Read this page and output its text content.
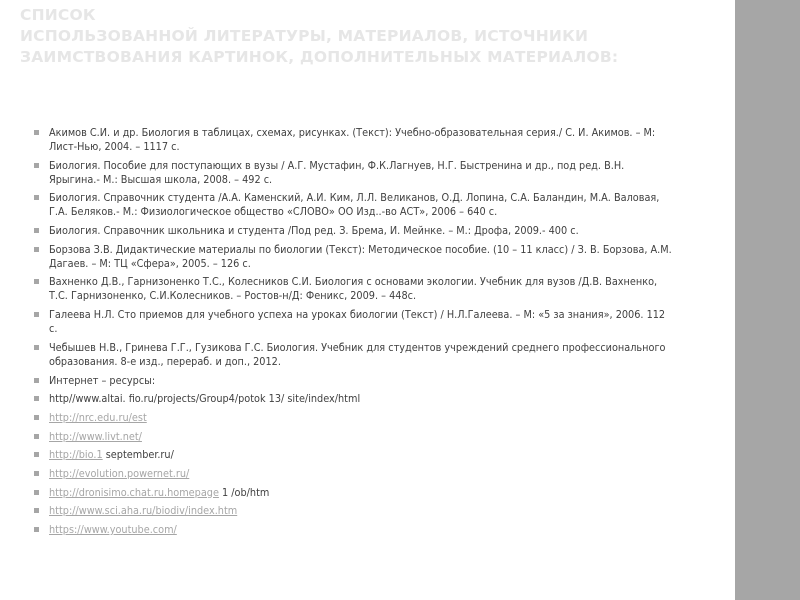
СПИСОК
ИСПОЛЬЗОВАННОЙ ЛИТЕРАТУРЫ, МАТЕРИАЛОВ, ИСТОЧНИКИ
ЗАИМСТВОВАНИЯ КАРТИНОК, ДОПОЛНИТЕЛЬНЫХ МАТЕРИАЛОВ:
Акимов С.И. и др. Биология в таблицах, схемах, рисунках. (Текст): Учебно-образовательная серия./ С. И. Акимов. – М: Лист-Нью, 2004. – 1117 с.
Биология. Пособие для поступающих в вузы / А.Г. Мустафин, Ф.К.Лагнуев, Н.Г. Быстренина и др., под ред. В.Н. Ярыгина.- М.: Высшая школа, 2008. – 492 с.
Биология. Справочник студента /А.А. Каменский, А.И. Ким, Л.Л. Великанов, О.Д. Лопина, С.А. Баландин, М.А. Валовая, Г.А. Беляков.- М.: Физиологическое общество «СЛОВО» ОО Изд..-во АСТ», 2006 – 640 с.
Биология. Справочник школьника и студента /Под ред. З. Брема, И. Мейнке. – М.: Дрофа, 2009.- 400 с.
Борзова З.В. Дидактические материалы по биологии (Текст): Методическое пособие. (10 – 11 класс) / З. В. Борзова, А.М. Дагаев. – М: ТЦ «Сфера», 2005. – 126 с.
Вахненко Д.В., Гарнизоненко Т.С., Колесников С.И. Биология с основами экологии. Учебник для вузов /Д.В. Вахненко, Т.С. Гарнизоненко, С.И.Колесников. – Ростов-н/Д: Феникс, 2009. – 448с.
Галеева Н.Л. Сто приемов для учебного успеха на уроках биологии (Текст) / Н.Л.Галеева. – М: «5 за знания», 2006. 112 с.
Чебышев Н.В., Гринева Г.Г., Гузикова Г.С. Биология. Учебник для студентов учреждений среднего профессионального образования. 8-е изд., перераб. и доп., 2012.
Интернет – ресурсы:
http//www.altai. fio.ru/projects/Group4/potok 13/ site/index/html
http://nrc.edu.ru/est
http://www.livt.net/
http://bio.1 september.ru/
http://evolution.powernet.ru/
http://dronisimo.chat.ru.homepage 1 /ob/htm
http://www.sci.aha.ru/biodiv/index.htm
https://www.youtube.com/
